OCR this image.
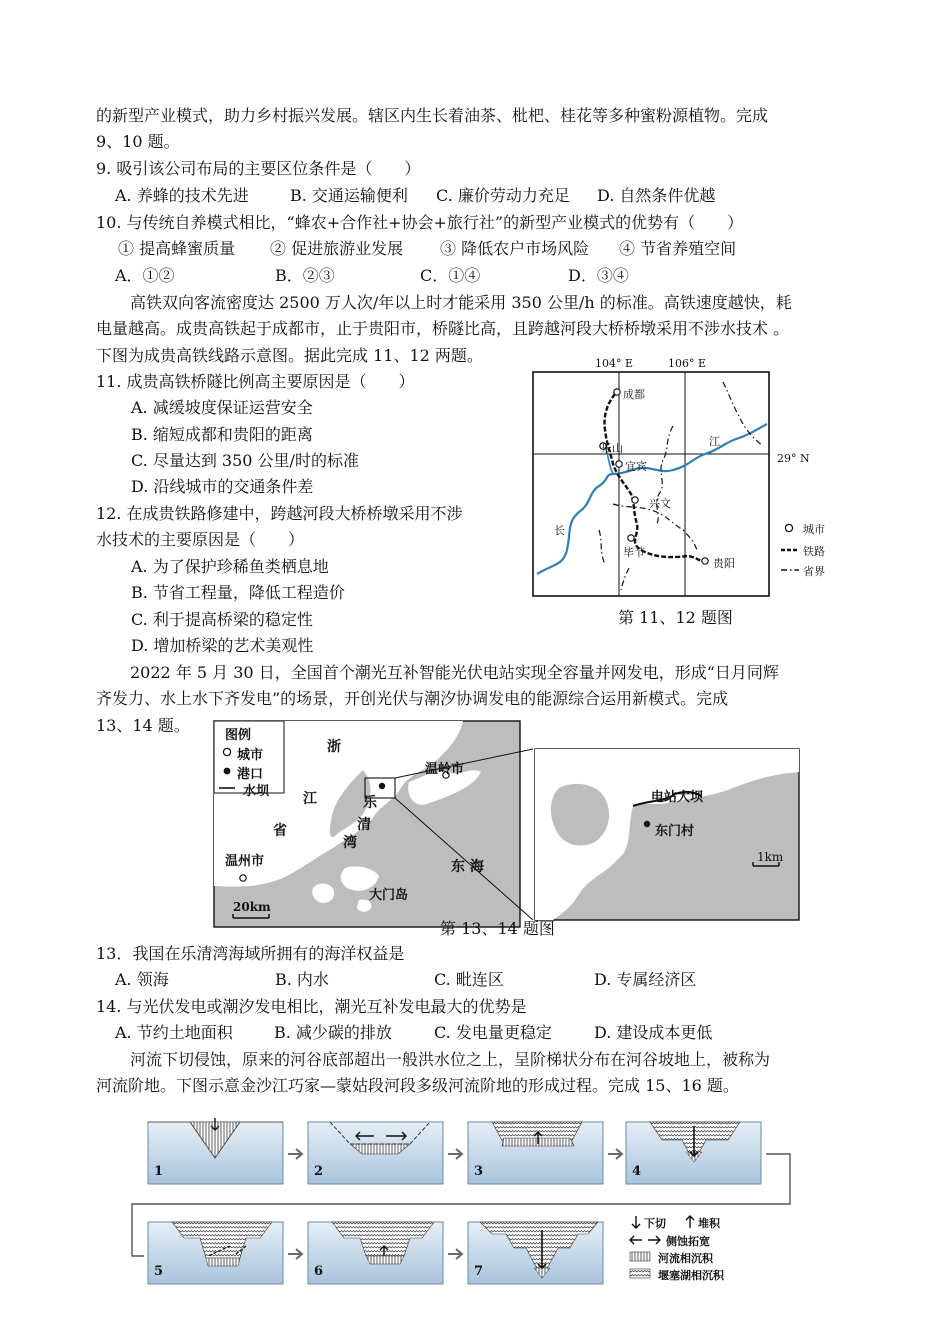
的新型产业模式，助力乡村振兴发展。辖区内生长着油茶、枇杷、桂花等多种蜜粉源植物。完成
9、10 题。
9. 吸引该公司布局的主要区位条件是（　　）
A. 养蜂的技术先进	B. 交通运输便利 C. 廉价劳动力充足 D. 自然条件优越
10. 与传统自养模式相比，“蜂农+合作社+协会+旅行社”的新型产业模式的优势有（　　）
① 提高蜂蜜质量 ② 促进旅游业发展 ③ 降低农户市场风险 ④ 节省养殖空间
A．①②	B．②③	C．①④	D．③④
高铁双向客流密度达 2500 万人次/年以上时才能采用 350 公里/h 的标准。高铁速度越快，耗
电量越高。成贵高铁起于成都市，止于贵阳市，桥隧比高，且跨越河段大桥桥墩采用不涉水技术 。
下图为成贵高铁线路示意图。据此完成 11、12 两题。
11. 成贵高铁桥隧比例高主要原因是（　　）
A. 减缓坡度保证运营安全
B. 缩短成都和贵阳的距离
C. 尽量达到 350 公里/时的标准
D. 沿线城市的交通条件差
12. 在成贵铁路修建中，跨越河段大桥桥墩采用不涉
水技术的主要原因是（　　）
A. 为了保护珍稀鱼类栖息地
B. 节省工程量，降低工程造价
C. 利于提高桥梁的稳定性
D. 增加桥梁的艺术美观性
104° E	106° E
29° N
成都
乐山
宜宾
兴文
毕节
贵阳
长
江
城市
铁路
省界
第 11、12 题图
2022 年 5 月 30 日，全国首个潮光互补智能光伏电站实现全容量并网发电，形成“日月同辉
齐发力、水上水下齐发电”的场景，开创光伏与潮汐协调发电的能源综合运用新模式。完成
13、14 题。
图例
城市
港口
水坝
浙
江
省
温岭市
温州市
乐
清
湾
东 海
大门岛
20km
电站大坝
东门村
1km
第 13、14 题图
13．我国在乐清湾海域所拥有的海洋权益是
A. 领海	B. 内水	C. 毗连区	D. 专属经济区
14. 与光伏发电或潮汐发电相比，潮光互补发电最大的优势是
A. 节约土地面积	B. 减少碳的排放	C. 发电量更稳定	D. 建设成本更低
河流下切侵蚀，原来的河谷底部超出一般洪水位之上，呈阶梯状分布在河谷坡地上，被称为
河流阶地。下图示意金沙江巧家—蒙姑段河段多级河流阶地的形成过程。完成 15、16 题。
1	2	3	4
5	6	7
下切	堆积
侧蚀拓宽
河流相沉积
堰塞湖相沉积
